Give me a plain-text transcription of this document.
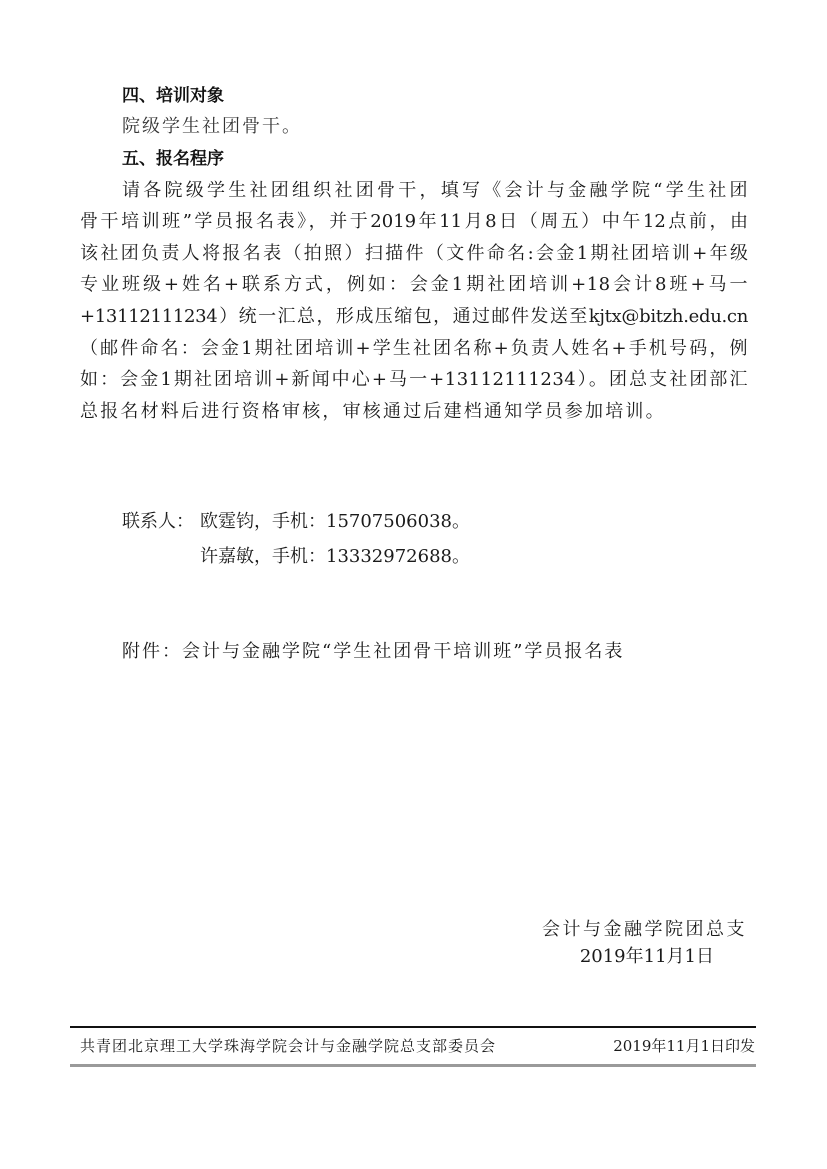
四、培训对象
院级学生社团骨干。
五、报名程序
请各院级学生社团组织社团骨干，填写《会计与金融学院“学生社团
骨干培训班”学员报名表》，并于2019年11月8日（周五）中午12点前，由
该社团负责人将报名表（拍照）扫描件（文件命名:会金1期社团培训+年级
专业班级+姓名+联系方式，例如：会金1期社团培训+18会计8班+马一
+13112111234）统一汇总，形成压缩包，通过邮件发送至kjtx@bitzh.edu.cn
（邮件命名：会金1期社团培训+学生社团名称+负责人姓名+手机号码，例
如：会金1期社团培训+新闻中心+马一+13112111234）。团总支社团部汇
总报名材料后进行资格审核，审核通过后建档通知学员参加培训。
联系人： 欧霆钧，手机：15707506038。
许嘉敏，手机：13332972688。
附件：会计与金融学院“学生社团骨干培训班”学员报名表
会计与金融学院团总支
2019年11月1日
共青团北京理工大学珠海学院会计与金融学院总支部委员会	2019年11月1日印发
